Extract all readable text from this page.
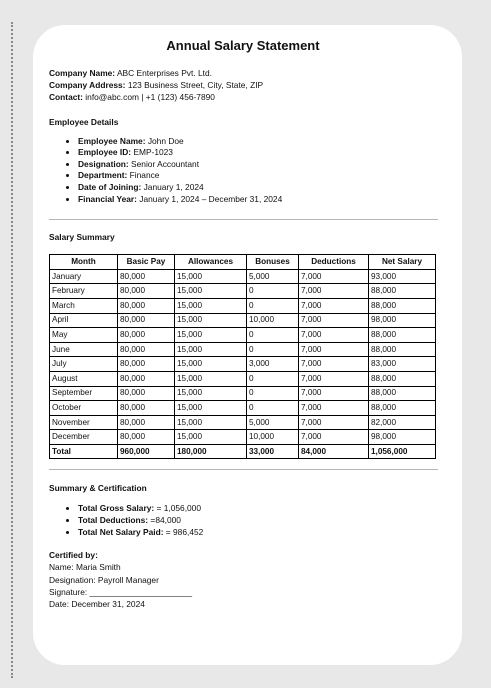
Annual Salary Statement
Company Name: ABC Enterprises Pvt. Ltd.
Company Address: 123 Business Street, City, State, ZIP
Contact: info@abc.com | +1 (123) 456-7890
Employee Details
• Employee Name: John Doe
• Employee ID: EMP-1023
• Designation: Senior Accountant
• Department: Finance
• Date of Joining: January 1, 2024
• Financial Year: January 1, 2024 – December 31, 2024
Salary Summary
Month	Basic Pay	Allowances	Bonuses	Deductions	Net Salary
January	80,000	15,000	5,000	7,000	93,000
February	80,000	15,000	0	7,000	88,000
March	80,000	15,000	0	7,000	88,000
April	80,000	15,000	10,000	7,000	98,000
May	80,000	15,000	0	7,000	88,000
June	80,000	15,000	0	7,000	88,000
July	80,000	15,000	3,000	7,000	83,000
August	80,000	15,000	0	7,000	88,000
September	80,000	15,000	0	7,000	88,000
October	80,000	15,000	0	7,000	88,000
November	80,000	15,000	5,000	7,000	82,000
December	80,000	15,000	10,000	7,000	98,000
Total	960,000	180,000	33,000	84,000	1,056,000
Summary & Certification
• Total Gross Salary: = 1,056,000
• Total Deductions: =84,000
• Total Net Salary Paid: = 986,452
Certified by:
Name: Maria Smith
Designation: Payroll Manager
Signature: ______________________
Date: December 31, 2024
